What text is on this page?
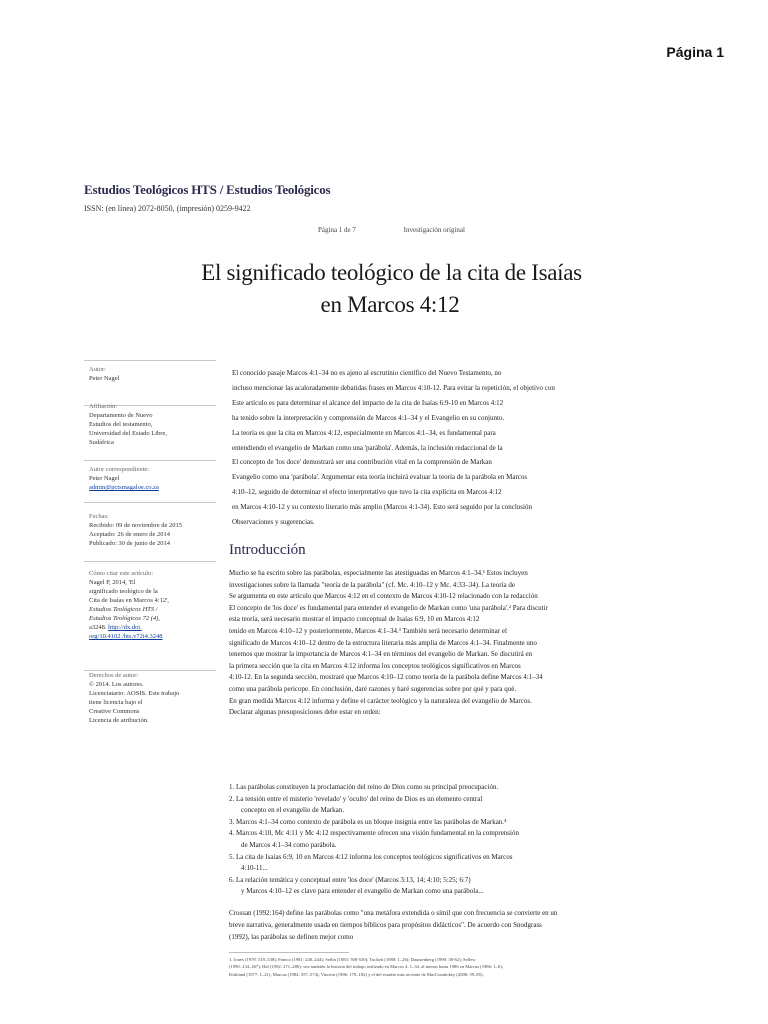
Página 1
Estudios Teológicos HTS / Estudios Teológicos
ISSN: (en línea) 2072-8050, (impresión) 0259-9422
Página 1 de 7	Investigación original
El significado teológico de la cita de Isaías
en Marcos 4:12
Autor:
Peter Nagel
Afiliación:
Departamento de Nuevo
Estudios del testamento,
Universidad del Estado Libre,
Sudáfrica
Autor correspondiente:
Peter Nagel
admin@pctsmagaloe.co.za
Fechas:
Recibido: 09 de noviembre de 2015
Aceptado: 26 de enero de 2014
Publicado: 30 de junio de 2014
Cómo citar este artículo:
Nagel P, 2014, 'El
significado teológico de la
Cita de Isaías en Marcos 4:12',
Estudios Teológicos HTS /
Estudios Teológicos 72 (4),
a3248. http://dx.doi.
org/10.4102 /hts.v72i4.3248
Derechos de autor:
© 2014. Los autores.
Licenciatario: AOSIS. Este trabajo
tiene licencia bajo el
Creative Commons
Licencia de atribución.
El conocido pasaje Marcos 4:1–34 no es ajeno al escrutinio científico del Nuevo Testamento, no
incluso mencionar las acaloradamente debatidas frases en Marcos 4:10-12. Para evitar la repetición, el objetivo con
Este artículo es para determinar el alcance del impacto de la cita de Isaías 6:9-10 en Marcos 4:12
ha tenido sobre la interpretación y comprensión de Marcos 4:1–34 y el Evangelio en su conjunto.
La teoría es que la cita en Marcos 4:12, especialmente en Marcos 4:1–34, es fundamental para
entendiendo el evangelio de Markan como una 'parábola'. Además, la inclusión redaccional de la
El concepto de 'los doce' demostrará ser una contribución vital en la comprensión de Markan
Evangelio como una 'parábola'. Argumentar esta teoría incluirá evaluar la teoría de la parábola en Marcos
4:10–12, seguido de determinar el efecto interpretativo que tuvo la cita explícita en Marcos 4:12
en Marcos 4:10-12 y su contexto literario más amplio (Marcos 4:1-34). Esto será seguido por la conclusión
Observaciones y sugerencias.
Introducción
Mucho se ha escrito sobre las parábolas, especialmente las atestiguadas en Marcos 4:1–34.¹ Estos incluyen
investigaciones sobre la llamada "teoría de la parábola" (cf. Mc. 4:10–12 y Mc. 4:33–34). La teoría de
Se argumenta en este artículo que Marcos 4:12 en el contexto de Marcos 4:10-12 relacionado con la redacción
El concepto de 'los doce' es fundamental para entender el evangelio de Markan como 'una parábola'.² Para discutir
esta teoría, será necesario mostrar el impacto conceptual de Isaías 6:9, 10 en Marcos 4:12
tenido en Marcos 4:10–12 y posteriormente, Marcos 4:1–34.³ También será necesario determinar el
significado de Marcos 4:10–12 dentro de la estructura literaria más amplia de Marcos 4:1–34. Finalmente uno
tenemos que mostrar la importancia de Marcos 4:1–34 en términos del evangelio de Markan. Se discutirá en
la primera sección que la cita en Marcos 4:12 informa los conceptos teológicos significativos en Marcos
4:10-12. En la segunda sección, mostraré que Marcos 4:10–12 como teoría de la parábola define Marcos 4:1–34
como una parábola pericope. En conclusión, daré razones y haré sugerencias sobre por qué y para qué.
En gran medida Marcos 4:12 informa y define el carácter teológico y la naturaleza del evangelio de Marcos.
Declarar algunas presuposiciones debe estar en orden:
1. Las parábolas constituyen la proclamación del reino de Dios como su principal preocupación.
2. La tensión entre el misterio 'revelado' y 'oculto' del reino de Dios es un elemento central
concepto en el evangelio de Markan.
3. Marcos 4:1–34 como contexto de parábola es un bloque insignia entre las parábolas de Markan.⁴
4. Marcos 4:10, Mc 4:11 y Mc 4:12 respectivamente ofrecen una visión fundamental en la comprensión
de Marcos 4:1–34 como parábola.
5. La cita de Isaías 6:9, 10 en Marcos 4:12 informa los conceptos teológicos significativos en Marcos
4:10-11...
6. La relación temática y conceptual entre 'los doce' (Marcos 3:13, 14; 4:10; 5:25; 6:7)
y Marcos 4:10–12 es clave para entender el evangelio de Markan como una parábola...
Crossan (1992:164) define las parábolas como "una metáfora extendida o símil que con frecuencia se convierte en un
breve narrativa, generalmente usada en tiempos bíblicos para propósitos didácticos". De acuerdo con Snodgrass
(1992), las parábolas se definen mejor como
1. Jones (1978: 519–538); Franco (1981: 240–244); Sellin (1983: 508-530); Tuckett (1988: 1–26); Dautzenberg (1990: 38-62); Sellew
(1990: 234–267); Hal (1992: 271–286); vea también la historia del trabajo realizado en Marcos 4: 1–34, al menos hasta 1986 en Marcus (1986: 1–6);
Kirkland (1977: 1–21); Marcus (1984: 557–574); Vincent (1986: 179–182) y el del estudio más reciente de MacConnlokey (2008: 59–85).
